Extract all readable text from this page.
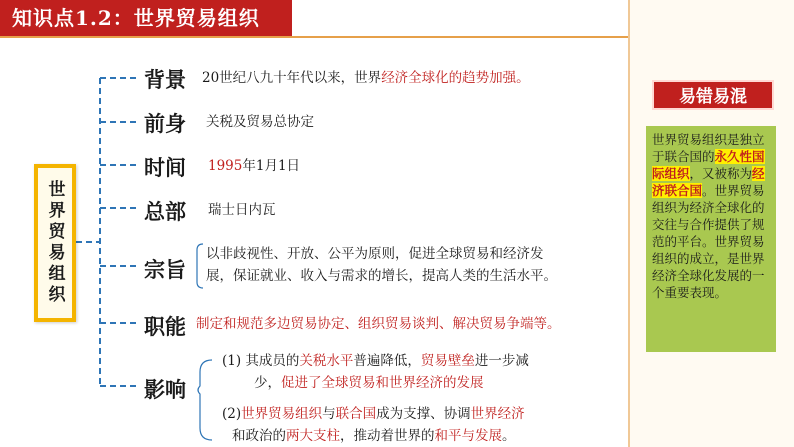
知识点1.2：世界贸易组织
世界贸易组织
背景 20世纪八九十年代以来，世界经济全球化的趋势加强。
前身 关税及贸易总协定
时间 1995年1月1日
总部 瑞士日内瓦
宗旨
以非歧视性、开放、公平为原则，促进全球贸易和经济发
展，保证就业、收入与需求的增长，提高人类的生活水平。
职能 制定和规范多边贸易协定、组织贸易谈判、解决贸易争端等。
影响
(1) 其成员的关税水平普遍降低，贸易壁垒进一步减
少，促进了全球贸易和世界经济的发展
(2)世界贸易组织与联合国成为支撑、协调世界经济
和政治的两大支柱，推动着世界的和平与发展。
易错易混
世界贸易组织是独立于联合国的永久性国际组织，又被称为经济联合国。世界贸易组织为经济全球化的交往与合作提供了规范的平台。世界贸易组织的成立，是世界经济全球化发展的一个重要表现。
